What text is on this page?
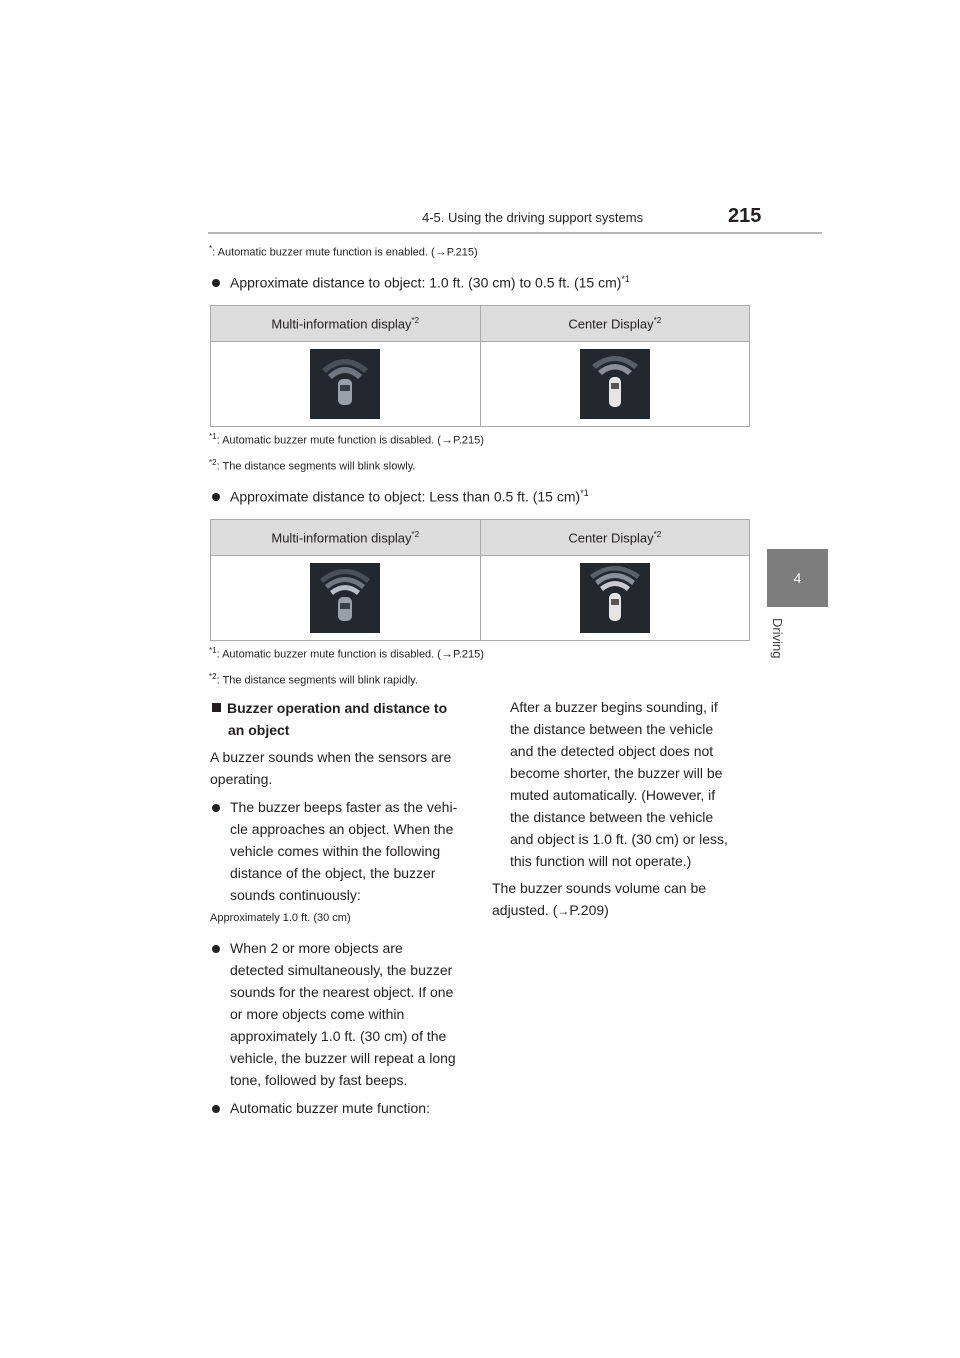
4-5. Using the driving support systems	215
4
Driving
*: Automatic buzzer mute function is enabled. (→P.215)
Approximate distance to object: 1.0 ft. (30 cm) to 0.5 ft. (15 cm)$^{*1}$
Multi-information display$^{*2}$	Center Display$^{*2}$

$^{*1}$: Automatic buzzer mute function is disabled. (→P.215)
$^{*2}$: The distance segments will blink slowly.
Approximate distance to object: Less than 0.5 ft. (15 cm)$^{*1}$
Multi-information display$^{*2}$	Center Display$^{*2}$

$^{*1}$: Automatic buzzer mute function is disabled. (→P.215)
$^{*2}$: The distance segments will blink rapidly.
Buzzer operation and distance to
an object
A buzzer sounds when the sensors are
operating.
The buzzer beeps faster as the vehi-
cle approaches an object. When the
vehicle comes within the following
distance of the object, the buzzer
sounds continuously:
Approximately 1.0 ft. (30 cm)
When 2 or more objects are
detected simultaneously, the buzzer
sounds for the nearest object. If one
or more objects come within
approximately 1.0 ft. (30 cm) of the
vehicle, the buzzer will repeat a long
tone, followed by fast beeps.
Automatic buzzer mute function:
After a buzzer begins sounding, if
the distance between the vehicle
and the detected object does not
become shorter, the buzzer will be
muted automatically. (However, if
the distance between the vehicle
and object is 1.0 ft. (30 cm) or less,
this function will not operate.)
The buzzer sounds volume can be
adjusted. (→P.209)
